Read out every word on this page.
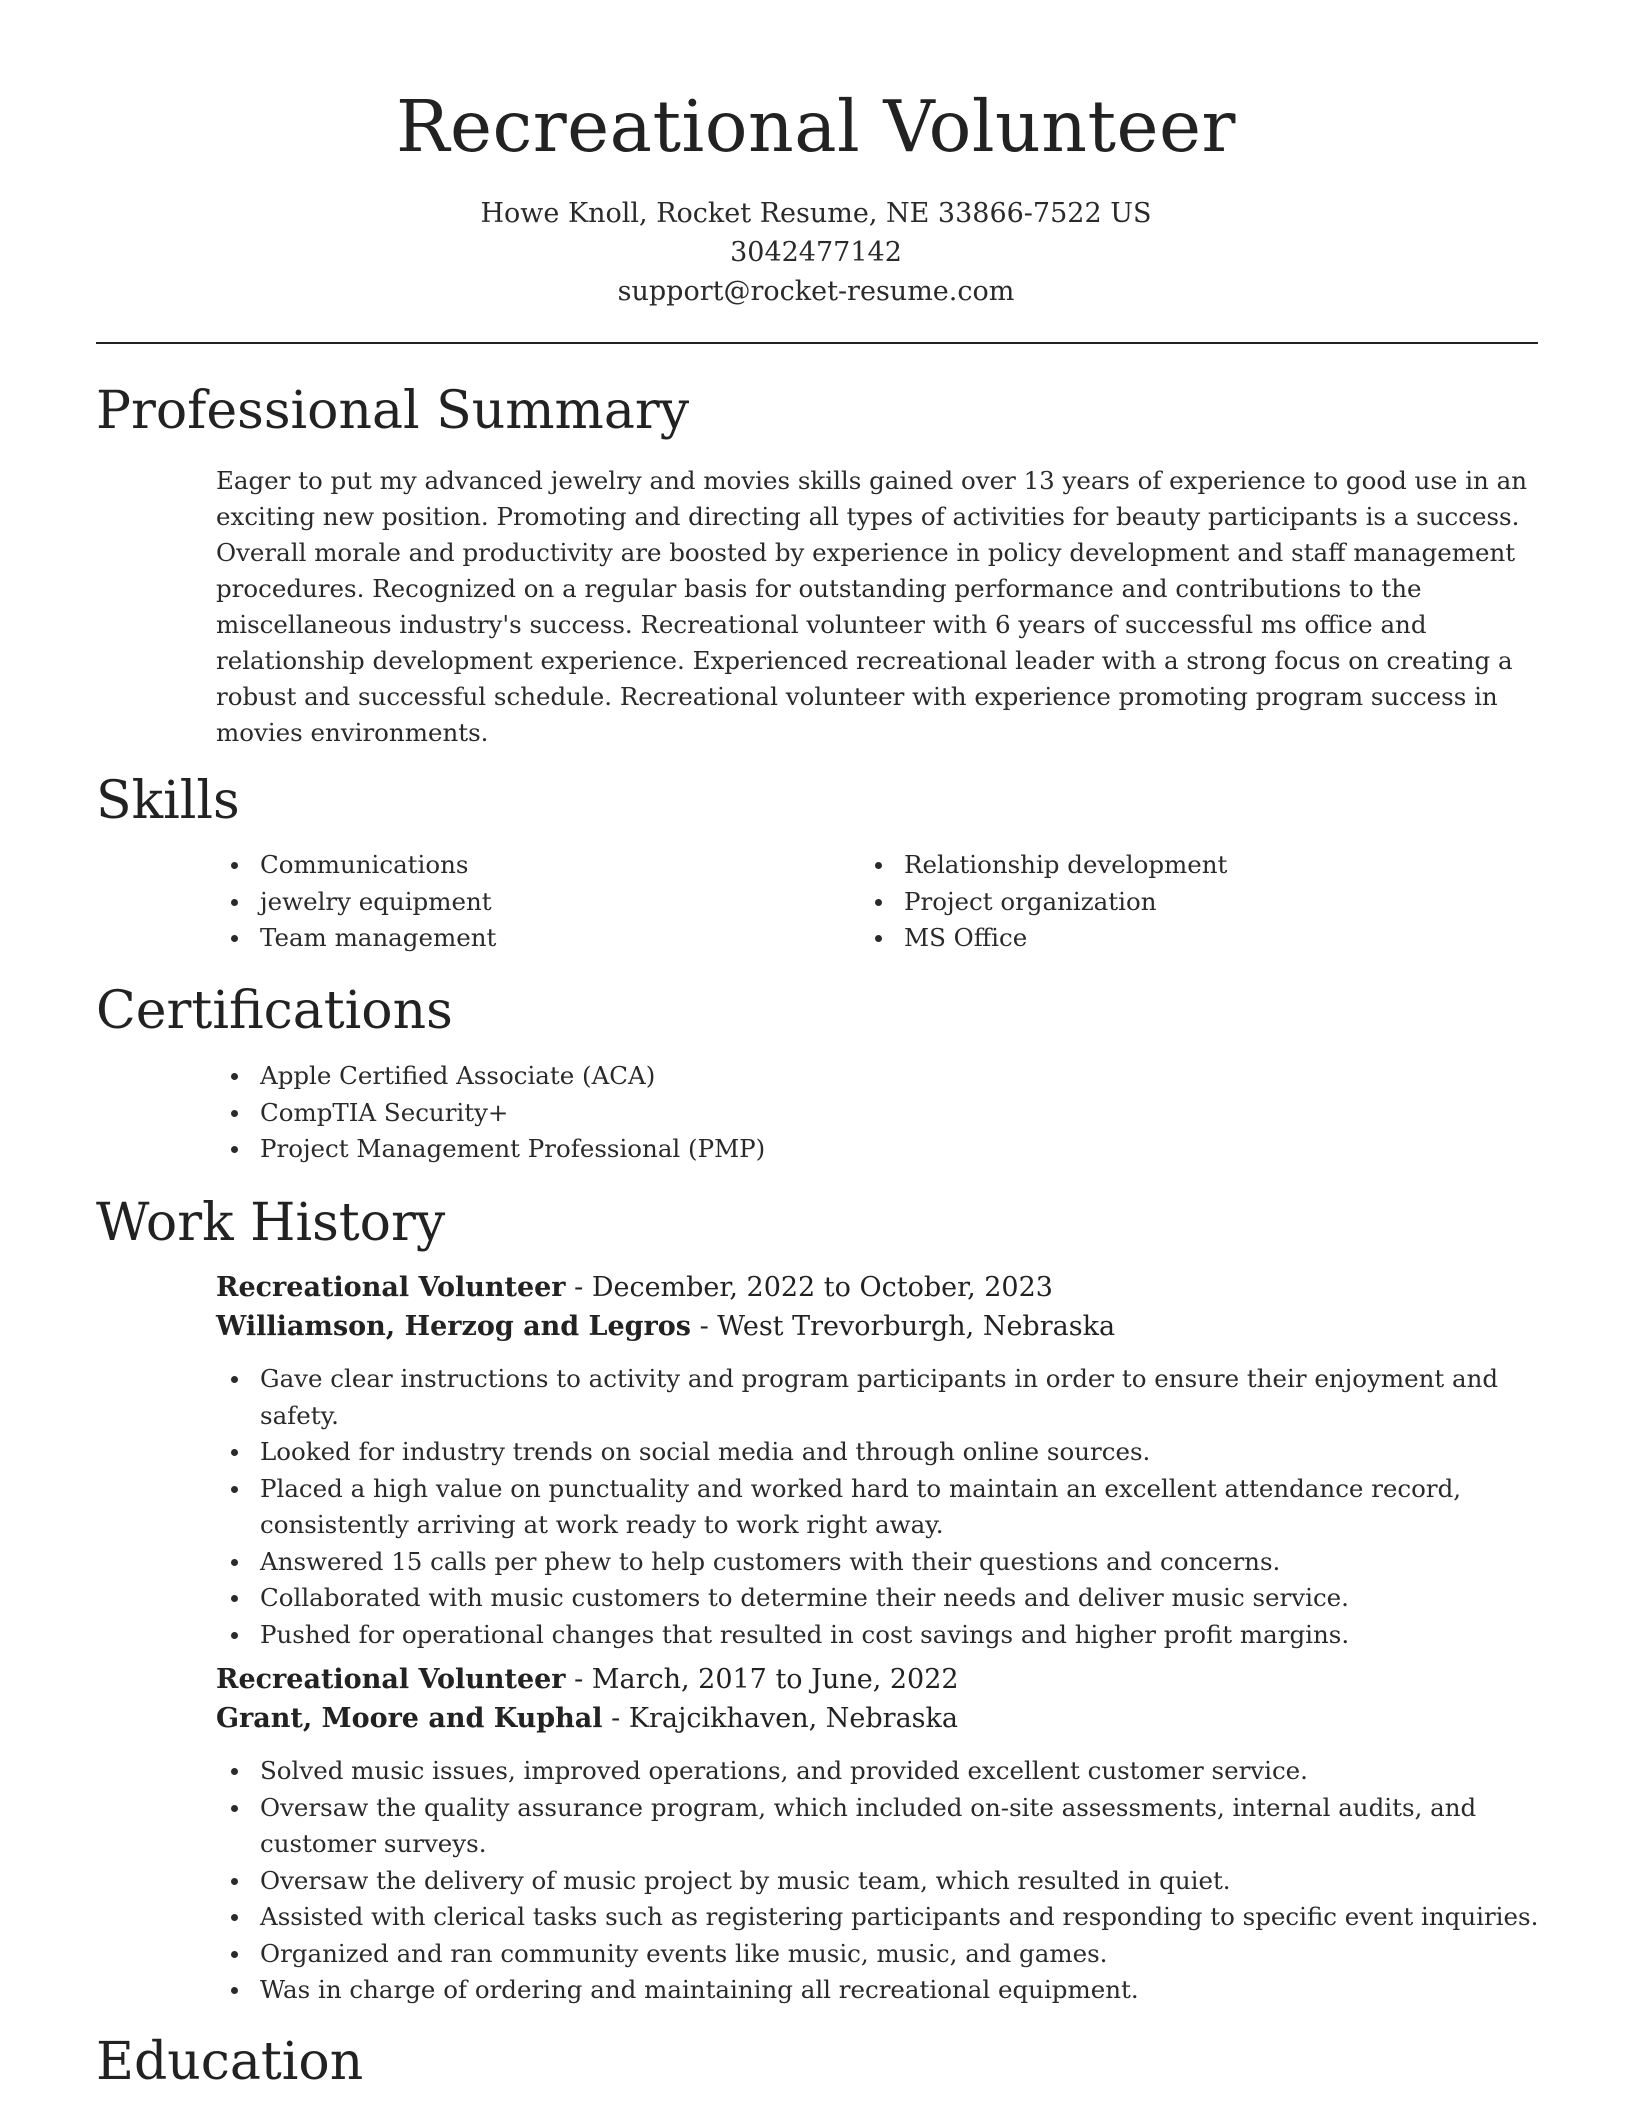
Recreational Volunteer
Howe Knoll, Rocket Resume, NE 33866-7522 US
3042477142
support@rocket-resume.com
Professional Summary

Eager to put my advanced jewelry and movies skills gained over 13 years of experience to good use in an exciting new position. Promoting and directing all types of activities for beauty participants is a success. Overall morale and productivity are boosted by experience in policy development and staff management procedures. Recognized on a regular basis for outstanding performance and contributions to the miscellaneous industry's success. Recreational volunteer with 6 years of successful ms office and relationship development experience. Experienced recreational leader with a strong focus on creating a robust and successful schedule. Recreational volunteer with experience promoting program success in movies environments.

Skills
Communications
jewelry equipment
Team management
Relationship development
Project organization
MS Office
Certifications
Apple Certified Associate (ACA)
CompTIA Security+
Project Management Professional (PMP)
Work History
Recreational Volunteer - December, 2022 to October, 2023
Williamson, Herzog and Legros - West Trevorburgh, Nebraska
Gave clear instructions to activity and program participants in order to ensure their enjoyment and safety.
Looked for industry trends on social media and through online sources.
Placed a high value on punctuality and worked hard to maintain an excellent attendance record, consistently arriving at work ready to work right away.
Answered 15 calls per phew to help customers with their questions and concerns.
Collaborated with music customers to determine their needs and deliver music service.
Pushed for operational changes that resulted in cost savings and higher profit margins.
Recreational Volunteer - March, 2017 to June, 2022
Grant, Moore and Kuphal - Krajcikhaven, Nebraska
Solved music issues, improved operations, and provided excellent customer service.
Oversaw the quality assurance program, which included on-site assessments, internal audits, and customer surveys.
Oversaw the delivery of music project by music team, which resulted in quiet.
Assisted with clerical tasks such as registering participants and responding to specific event inquiries.
Organized and ran community events like music, music, and games.
Was in charge of ordering and maintaining all recreational equipment.
Education
